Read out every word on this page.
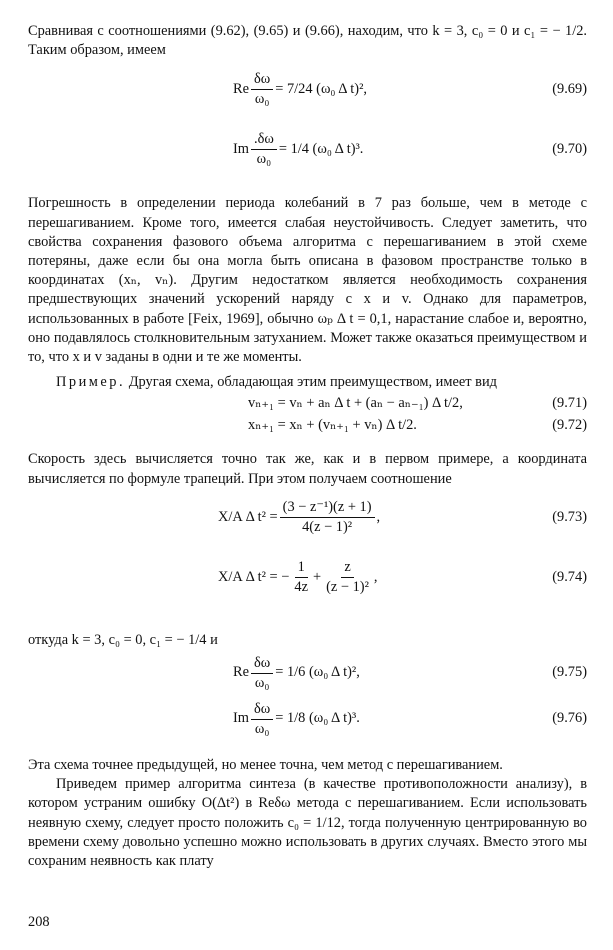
Сравнивая с соотношениями (9.62), (9.65) и (9.66), находим, что k = 3, c₀ = 0 и c₁ = − 1/2. Таким образом, имеем

Re $\frac{\delta\omega}{\text{ω₀}} = 7/24$ (ω₀ Δ t)²,	(9.69)
Im $\frac{.\delta\omega}{\text{ω₀}} = 1/4$ (ω₀ Δ t)³.	(9.70)

Погрешность в определении периода колебаний в 7 раз больше, чем в методе с перешагиванием. Кроме того, имеется слабая неустойчивость. Следует заметить, что свойства сохранения фазового объема алгоритма с перешагиванием в этой схеме потеряны, даже если бы она могла быть описана в фазовом пространстве только в координатах (xₙ, vₙ). Другим недостатком является необходимость сохранения предшествующих значений ускорений наряду с x и v. Однако для параметров, использованных в работе [Feix, 1969], обычно ωₚ Δ t = 0,1, нарастание слабое и, вероятно, оно подавлялось столкновительным затуханием. Может также оказаться преимуществом и то, что x и v заданы в одни и те же моменты.

Пример. Другая схема, обладающая этим преимуществом, имеет вид

vₙ₊₁ = vₙ + aₙ Δ t + (aₙ − aₙ₋₁) Δ t/2,	(9.71)
xₙ₊₁ = xₙ + (vₙ₊₁ + vₙ) Δ t/2.	(9.72)

Скорость здесь вычисляется точно так же, как и в первом примере, а координата вычисляется по формуле трапеций. При этом получаем соотношение

X/A Δ $t^2 = \frac{\text{(3 − z⁻¹)(z + 1)}}{\text{4(z − 1)²}}$ ,	(9.73)
X/A Δ t² = − $\frac{1}{4z} + \frac{z}{\text{(z − 1)²}}$ ,	(9.74)

откуда k = 3, c₀ = 0, c₁ = − 1/4 и

Re $\frac{\delta\omega}{\text{ω₀}} = 1/6$ (ω₀ Δ t)²,	(9.75)
Im $\frac{\delta\omega}{\text{ω₀}} = 1/8$ (ω₀ Δ t)³.	(9.76)

Эта схема точнее предыдущей, но менее точна, чем метод с перешагиванием.

Приведем пример алгоритма синтеза (в качестве противоположности анализу), в котором устраним ошибку O(Δt²) в Reδω метода с перешагиванием. Если использовать неявную схему, следует просто положить c₀ = 1/12, тогда полученную центрированную во времени схему довольно успешно можно использовать в других случаях. Вместо этого мы сохраним неявность как плату

208
